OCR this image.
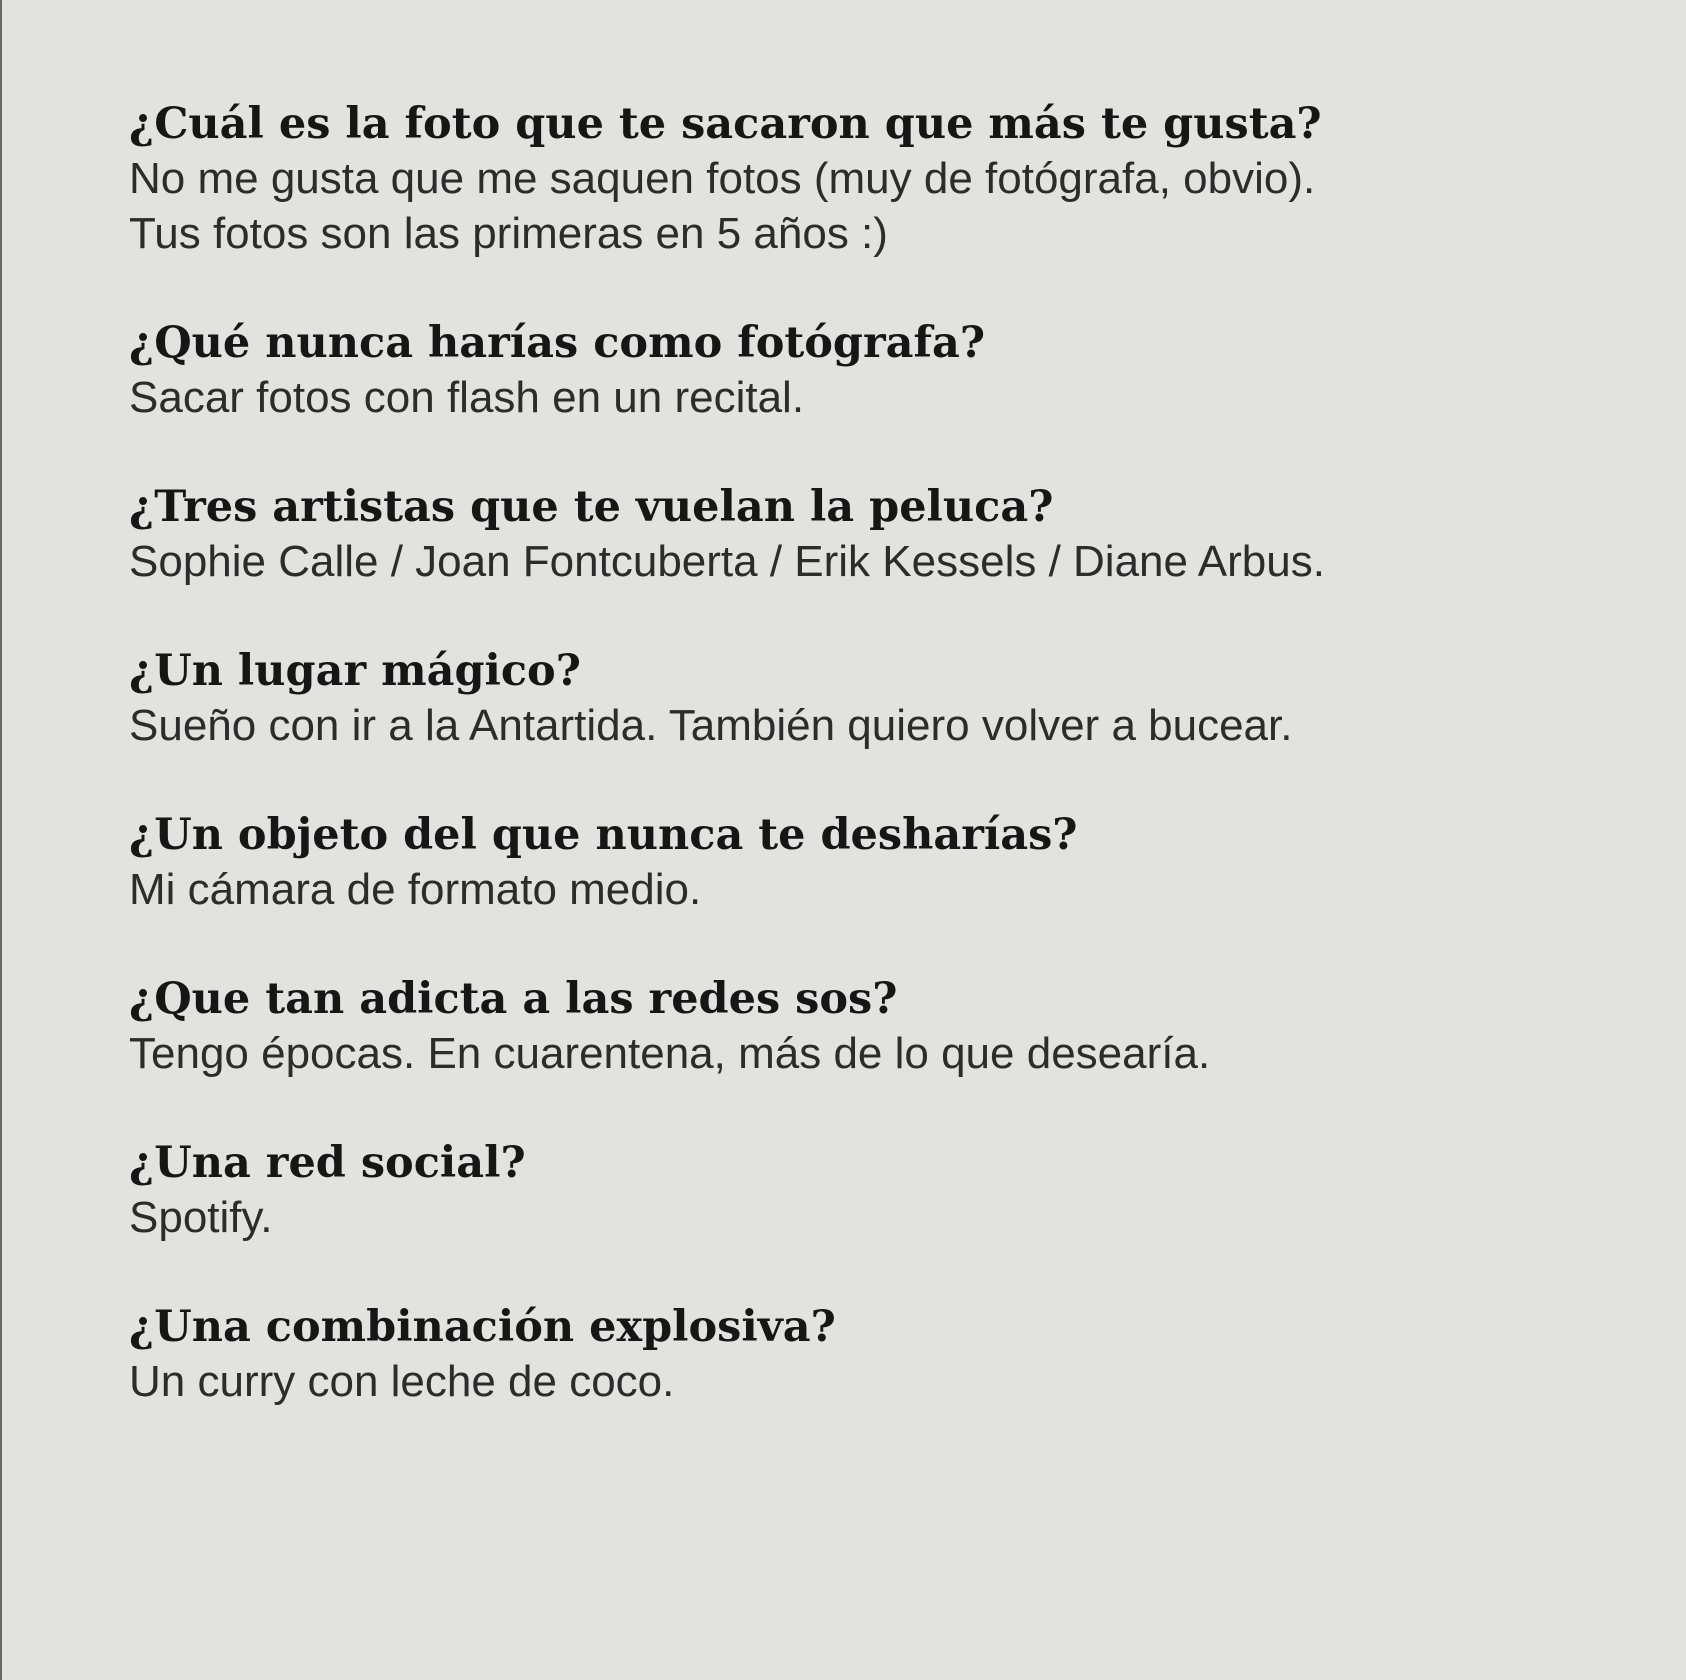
¿Cuál es la foto que te sacaron que más te gusta?
No me gusta que me saquen fotos (muy de fotógrafa, obvio).
Tus fotos son las primeras en 5 años :)
¿Qué nunca harías como fotógrafa?
Sacar fotos con flash en un recital.
¿Tres artistas que te vuelan la peluca?
Sophie Calle / Joan Fontcuberta / Erik Kessels / Diane Arbus.
¿Un lugar mágico?
Sueño con ir a la Antartida. También quiero volver a bucear.
¿Un objeto del que nunca te desharías?
Mi cámara de formato medio.
¿Que tan adicta a las redes sos?
Tengo épocas. En cuarentena, más de lo que desearía.
¿Una red social?
Spotify.
¿Una combinación explosiva?
Un curry con leche de coco.
